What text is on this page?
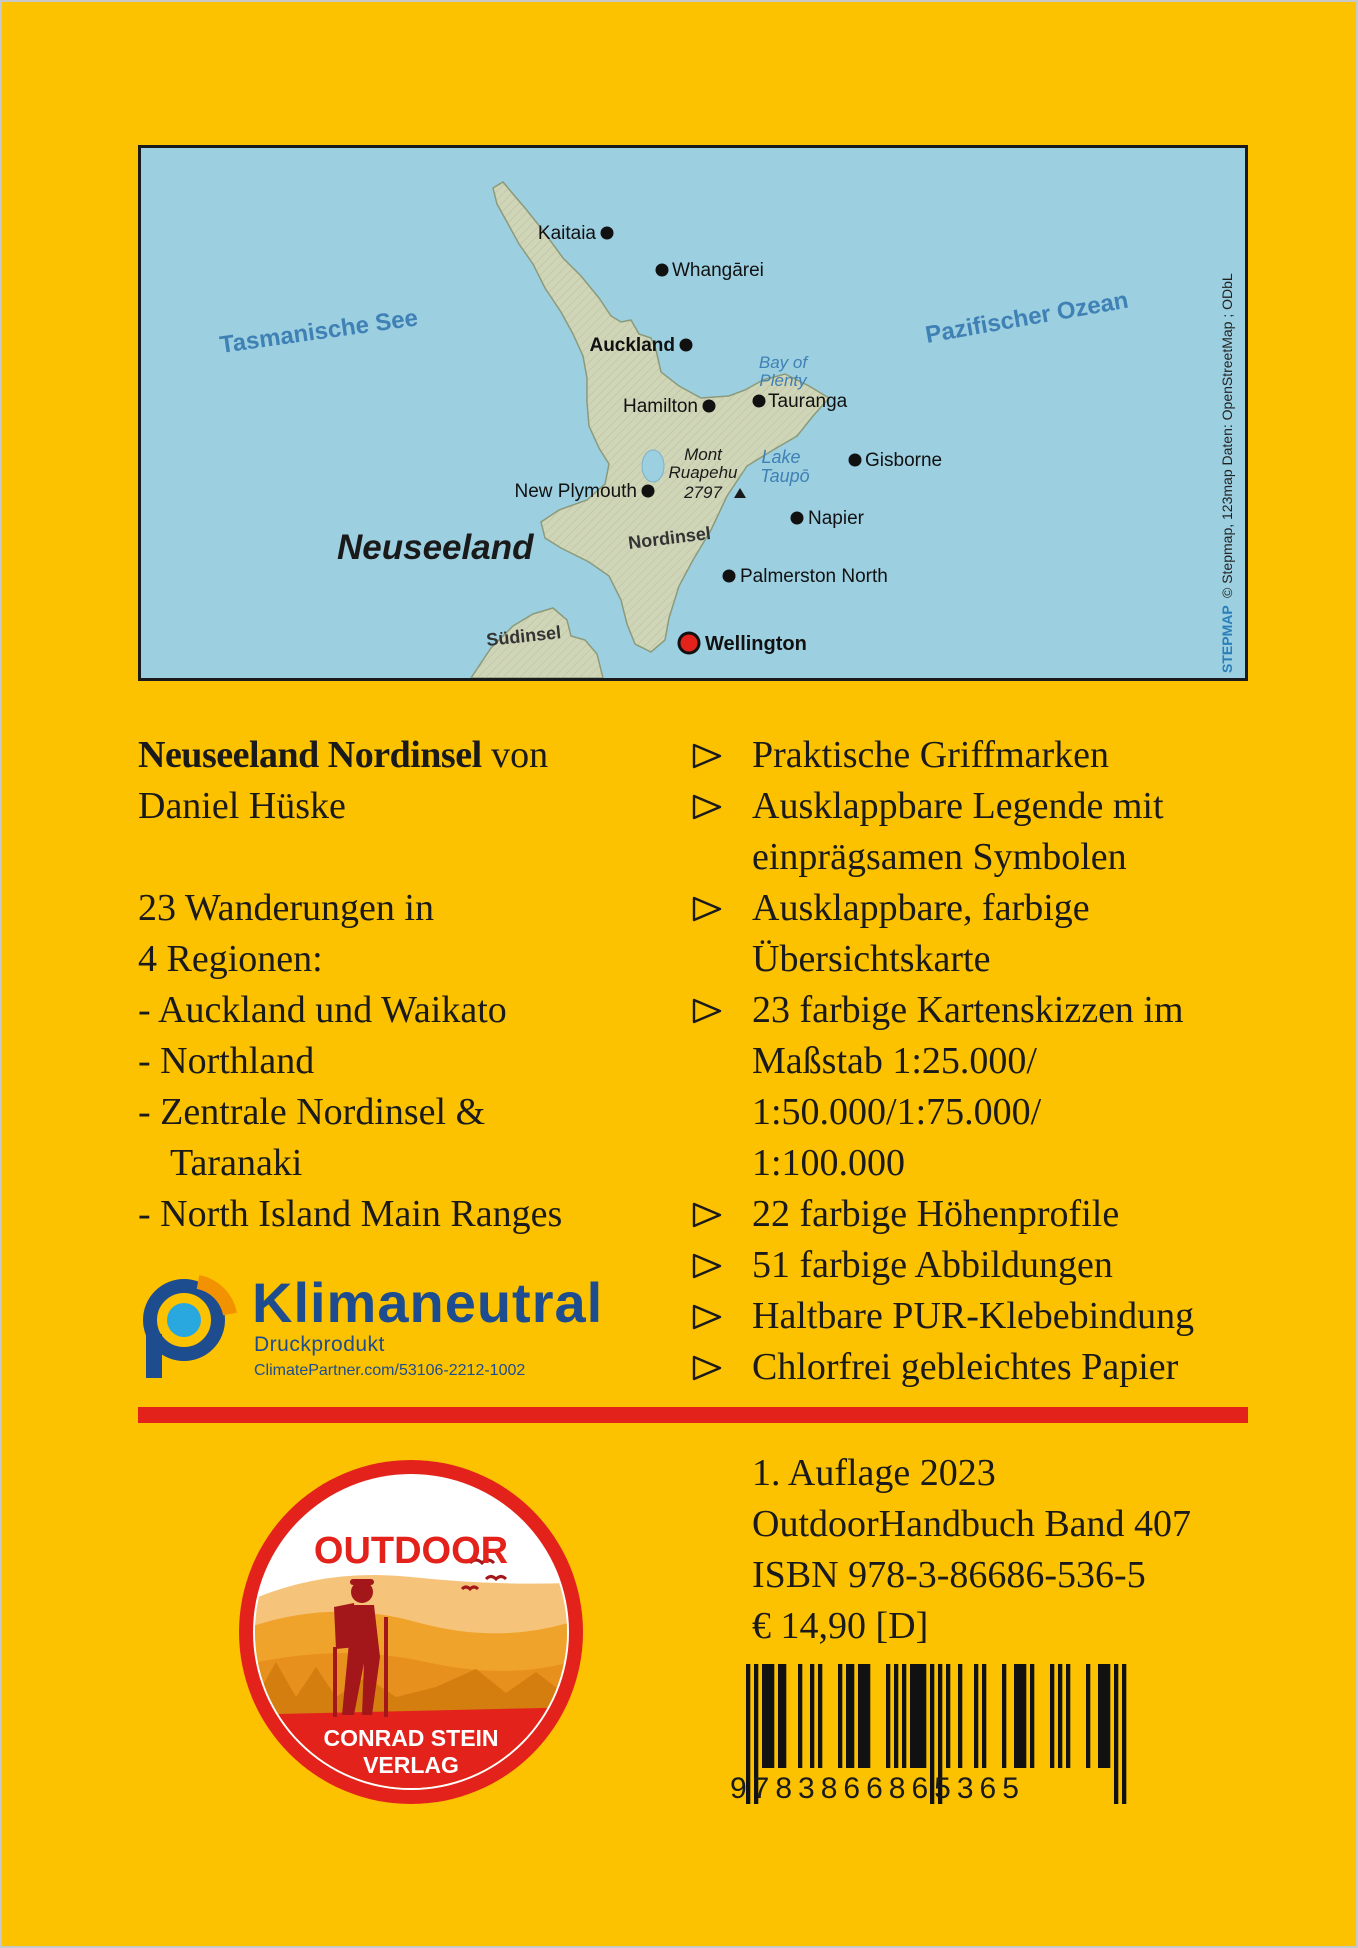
Tasmanische See	Pazifischer Ozean
Bay of
Plenty
Lake
Taupō
Mont
Ruapehu
2797
Neuseeland	Nordinsel
Südinsel
Kaitaia
Whangārei
Auckland
Hamilton	Tauranga
Gisborne
New Plymouth
Napier
Palmerston North
Wellington	STEPMAP
© Stepmap, 123map Daten: OpenStreetMap ; ODbL
Neuseeland Nordinsel von
Daniel Hüske
23 Wanderungen in
4 Regionen:
- Auckland und Waikato
- Northland
- Zentrale Nordinsel &
Taranaki
- North Island Main Ranges
Praktische Griffmarken
Ausklappbare Legende mit
einprägsamen Symbolen
Ausklappbare, farbige
Übersichtskarte
23 farbige Kartenskizzen im
Maßstab 1:25.000/
1:50.000/1:75.000/
1:100.000
22 farbige Höhenprofile
51 farbige Abbildungen
Haltbare PUR-Klebebindung
Chlorfrei gebleichtes Papier
Klimaneutral
Druckprodukt
ClimatePartner.com/53106-2212-1002
OUTDOOR
CONRAD STEIN
VERLAG
1. Auflage 2023
OutdoorHandbuch Band 407
ISBN 978-3-86686-536-5
€ 14,90 [D]
9783866865365
